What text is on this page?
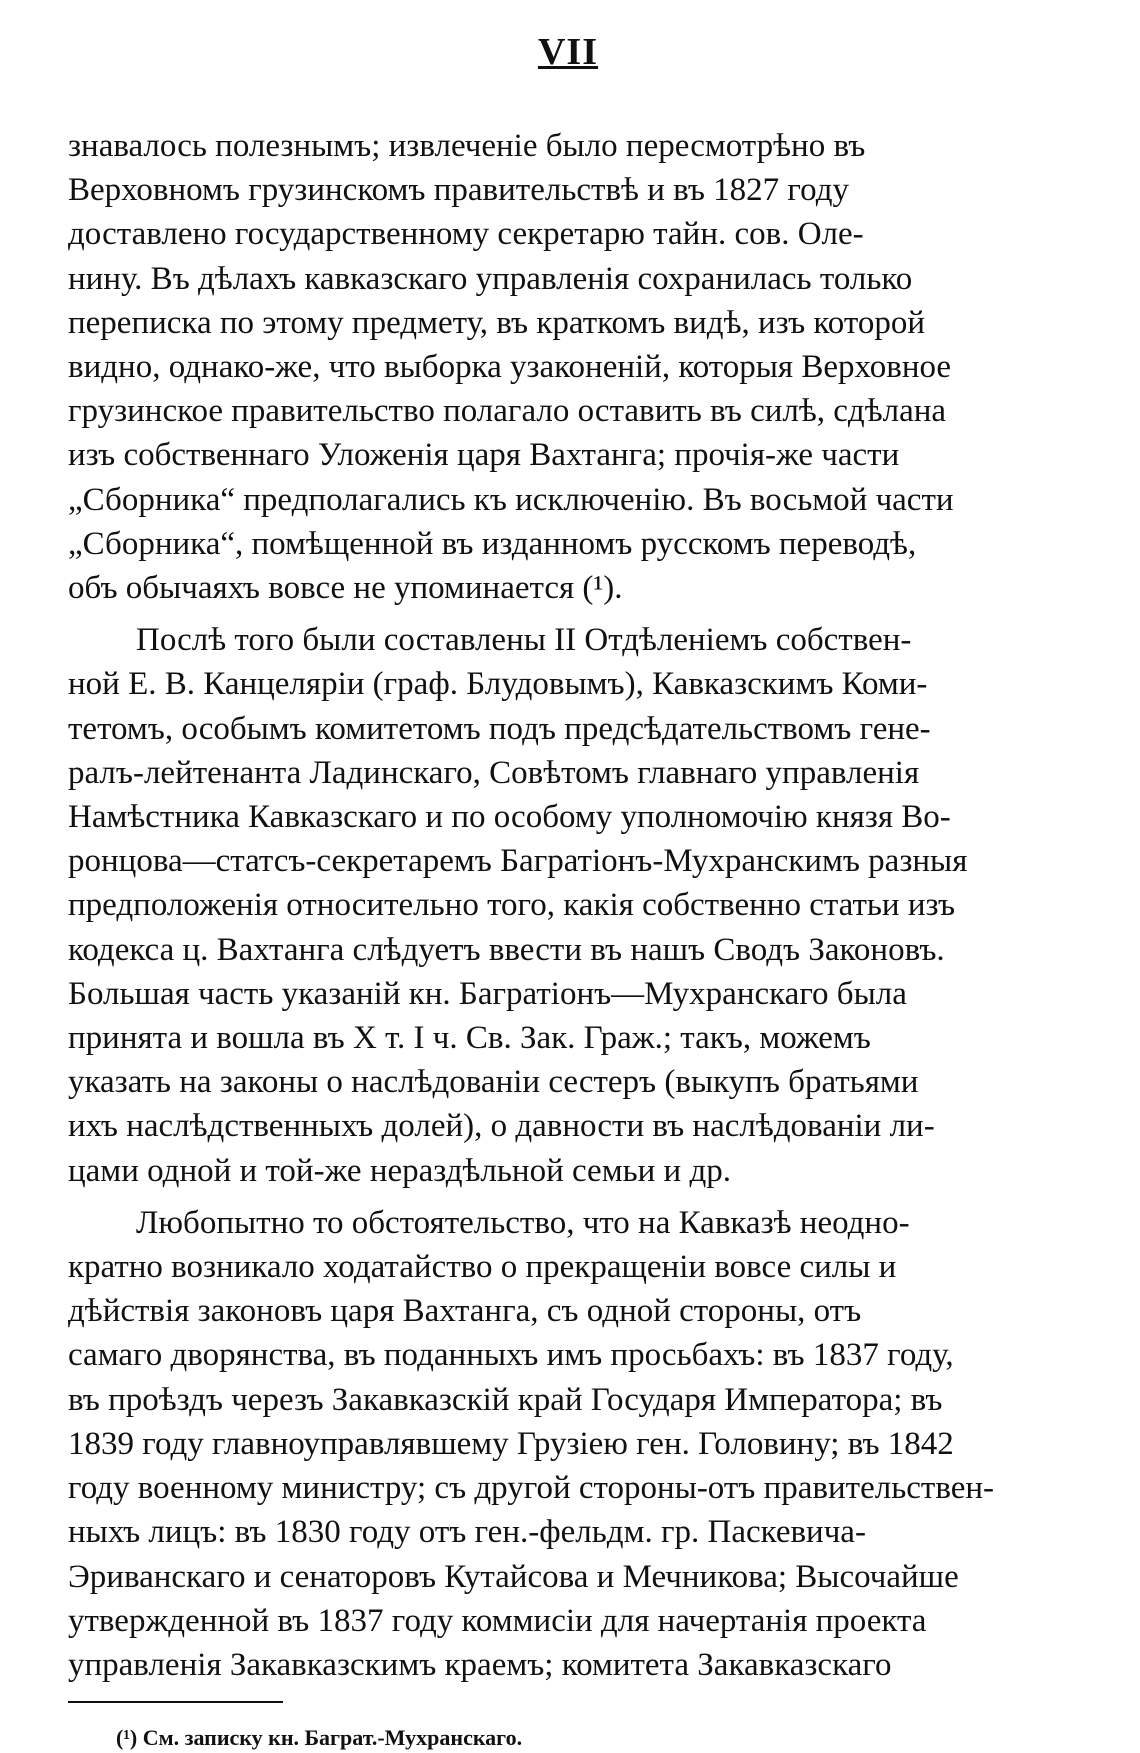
VII
знавалось полезнымъ; извлеченіе было пересмотрѣно въ
Верховномъ грузинскомъ правительствѣ и въ 1827 году
доставлено государственному секретарю тайн. сов. Оле-
нину. Въ дѣлахъ кавказскаго управленія сохранилась только
переписка по этому предмету, въ краткомъ видѣ, изъ которой
видно, однако-же, что выборка узаконеній, которыя Верховное
грузинское правительство полагало оставить въ силѣ, сдѣлана
изъ собственнаго Уложенія царя Вахтанга; прочія-же части
„Сборника“ предполагались къ исключенію. Въ восьмой части
„Сборника“, помѣщенной въ изданномъ русскомъ переводѣ,
объ обычаяхъ вовсе не упоминается (¹).
Послѣ того были составлены II Отдѣленіемъ собствен-
ной Е. В. Канцеляріи (граф. Блудовымъ), Кавказскимъ Коми-
тетомъ, особымъ комитетомъ подъ предсѣдательствомъ гене-
ралъ-лейтенанта Ладинскаго, Совѣтомъ главнаго управленія
Намѣстника Кавказскаго и по особому уполномочію князя Во-
ронцова—статсъ-секретаремъ Багратіонъ-Мухранскимъ разныя
предположенія относительно того, какія собственно статьи изъ
кодекса ц. Вахтанга слѣдуетъ ввести въ нашъ Сводъ Законовъ.
Большая часть указаній кн. Багратіонъ—Мухранскаго была
принята и вошла въ X т. I ч. Св. Зак. Граж.; такъ, можемъ
указать на законы о наслѣдованіи сестеръ (выкупъ братьями
ихъ наслѣдственныхъ долей), о давности въ наслѣдованіи ли-
цами одной и той-же нераздѣльной семьи и др.
Любопытно то обстоятельство, что на Кавказѣ неодно-
кратно возникало ходатайство о прекращеніи вовсе силы и
дѣйствія законовъ царя Вахтанга, съ одной стороны, отъ
самаго дворянства, въ поданныхъ имъ просьбахъ: въ 1837 году,
въ проѣздъ черезъ Закавказскій край Государя Императора; въ
1839 году главноуправлявшему Грузіею ген. Головину; въ 1842
году военному министру; съ другой стороны-отъ правительствен-
ныхъ лицъ: въ 1830 году отъ ген.-фельдм. гр. Паскевича-
Эриванскаго и сенаторовъ Кутайсова и Мечникова; Высочайше
утвержденной въ 1837 году коммисіи для начертанія проекта
управленія Закавказскимъ краемъ; комитета Закавказскаго
(¹) См. записку кн. Баграт.-Мухранскаго.
